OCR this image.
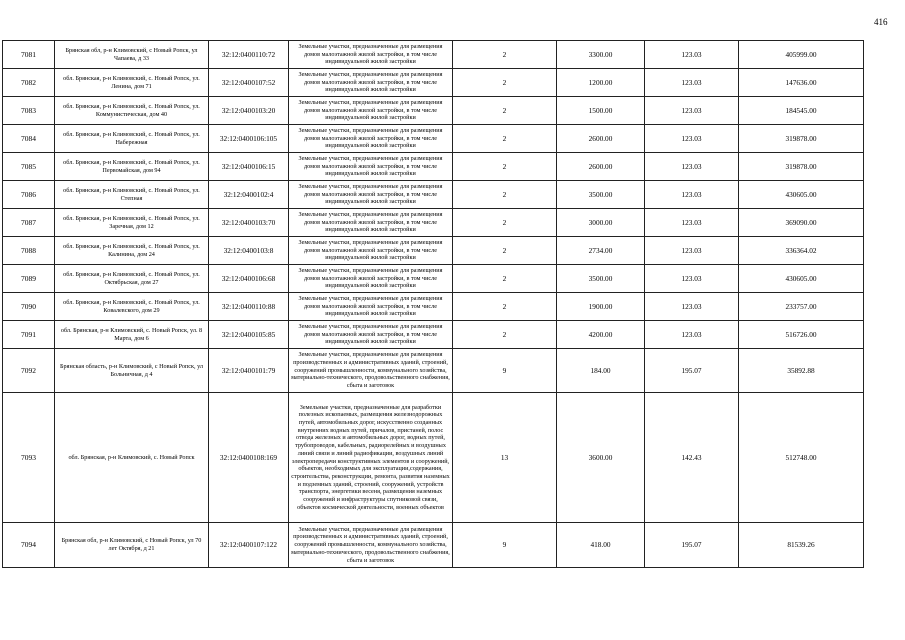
416
7081	Брянская обл, р-н Климовский, с Новый Ропск, ул Чапаева, д 33	32:12:0400110:72	Земельные участки, предназначенные для размещения домов малоэтажной жилой застройки, в том числе индивидуальной жилой застройки	2	3300.00	123.03	405999.00
7082	обл. Брянская, р-н Климовский, с. Новый Ропск, ул. Ленина, дом 71	32:12:0400107:52	Земельные участки, предназначенные для размещения домов малоэтажной жилой застройки, в том числе индивидуальной жилой застройки	2	1200.00	123.03	147636.00
7083	обл. Брянская, р-н Климовский, с. Новый Ропск, ул. Коммунистическая, дом 40	32:12:0400103:20	Земельные участки, предназначенные для размещения домов малоэтажной жилой застройки, в том числе индивидуальной жилой застройки	2	1500.00	123.03	184545.00
7084	обл. Брянская, р-н Климовский, с. Новый Ропск, ул. Набережная	32:12:0400106:105	Земельные участки, предназначенные для размещения домов малоэтажной жилой застройки, в том числе индивидуальной жилой застройки	2	2600.00	123.03	319878.00
7085	обл. Брянская, р-н Климовский, с. Новый Ропск, ул. Первомайская, дом 94	32:12:0400106:15	Земельные участки, предназначенные для размещения домов малоэтажной жилой застройки, в том числе индивидуальной жилой застройки	2	2600.00	123.03	319878.00
7086	обл. Брянская, р-н Климовский, с. Новый Ропск, ул. Степная	32:12:0400102:4	Земельные участки, предназначенные для размещения домов малоэтажной жилой застройки, в том числе индивидуальной жилой застройки	2	3500.00	123.03	430605.00
7087	обл. Брянская, р-н Климовский, с. Новый Ропск, ул. Заречная, дом 12	32:12:0400103:70	Земельные участки, предназначенные для размещения домов малоэтажной жилой застройки, в том числе индивидуальной жилой застройки	2	3000.00	123.03	369090.00
7088	обл. Брянская, р-н Климовский, с. Новый Ропск, ул. Калинина, дом 24	32:12:0400103:8	Земельные участки, предназначенные для размещения домов малоэтажной жилой застройки, в том числе индивидуальной жилой застройки	2	2734.00	123.03	336364.02
7089	обл. Брянская, р-н Климовский, с. Новый Ропск, ул. Октябрьская, дом 27	32:12:0400106:68	Земельные участки, предназначенные для размещения домов малоэтажной жилой застройки, в том числе индивидуальной жилой застройки	2	3500.00	123.03	430605.00
7090	обл. Брянская, р-н Климовский, с. Новый Ропск, ул. Ковалевского, дом 29	32:12:0400110:88	Земельные участки, предназначенные для размещения домов малоэтажной жилой застройки, в том числе индивидуальной жилой застройки	2	1900.00	123.03	233757.00
7091	обл. Брянская, р-н Климовский, с. Новый Ропск, ул. 8 Марта, дом 6	32:12:0400105:85	Земельные участки, предназначенные для размещения домов малоэтажной жилой застройки, в том числе индивидуальной жилой застройки	2	4200.00	123.03	516726.00
7092	Брянская область, р-н Климовский, с Новый Ропск, ул Больничная, д 4	32:12:0400101:79	Земельные участки, предназначенные для размещения производственных и административных зданий, строений, сооружений промышленности, коммунального хозяйства, материально-технического, продовольственного снабжения, сбыта и заготовок	9	184.00	195.07	35892.88
7093	обл. Брянская, р-н Климовский, с. Новый Ропск	32:12:0400108:169	Земельные участки, предназначенные для разработки полезных ископаемых, размещения железнодорожных путей, автомобильных дорог, искусственно созданных внутренних водных путей, причалов, пристаней, полос отвода железных и автомобильных дорог, водных путей, трубопроводов, кабельных, радиорелейных и воздушных линий связи и линий радиофикации, воздушных линий электропередачи конструктивных элементов и сооружений, объектов, необходимых для эксплуатации,содержания, строительства, реконструкции, ремонта, развития наземных и подземных зданий, строений, сооружений, устройств транспорта, энергетики весеня, размещения наземных сооружений и инфраструктуры спутниковой связи, объектов космической деятельности, военных объектов	13	3600.00	142.43	512748.00
7094	Брянская обл, р-н Климовский, с Новый Ропск, ул 70 лет Октября, д 21	32:12:0400107:122	Земельные участки, предназначенные для размещения производственных и административных зданий, строений, сооружений промышленности, коммунального хозяйства, материально-технического, продовольственного снабжения, сбыта и заготовок	9	418.00	195.07	81539.26
